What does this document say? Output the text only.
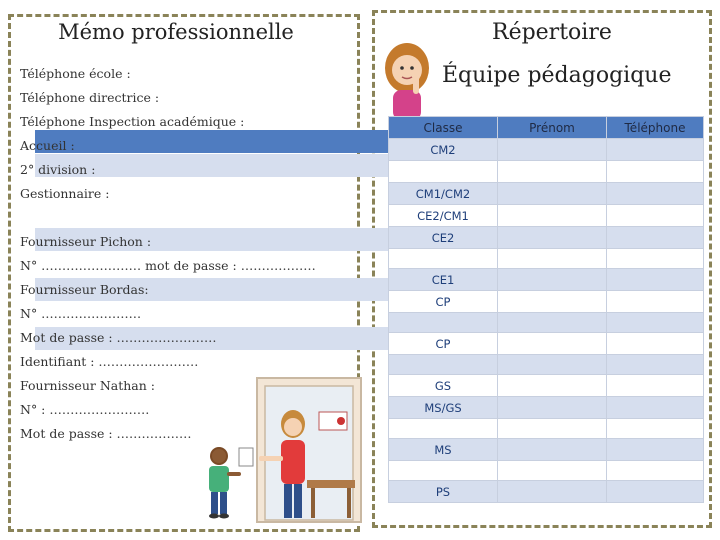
Mémo professionnelle
Téléphone école :
Téléphone directrice :
Téléphone Inspection académique :
Accueil :
2° division :
Gestionnaire :
Fournisseur Pichon :
N° …………………… mot de passe : ………………
Fournisseur Bordas:
N° ……………………
Mot de passe : ……………………
Identifiant : ……………………
Fournisseur Nathan :
N° : ……………………
Mot de passe : ………………
Répertoire
Équipe pédagogique
Classe	Prénom	Téléphone
CM2		

CM1/CM2		
CE2/CM1		
CE2		

CE1		
CP		

CP		

GS		
MS/GS		

MS		

PS		
